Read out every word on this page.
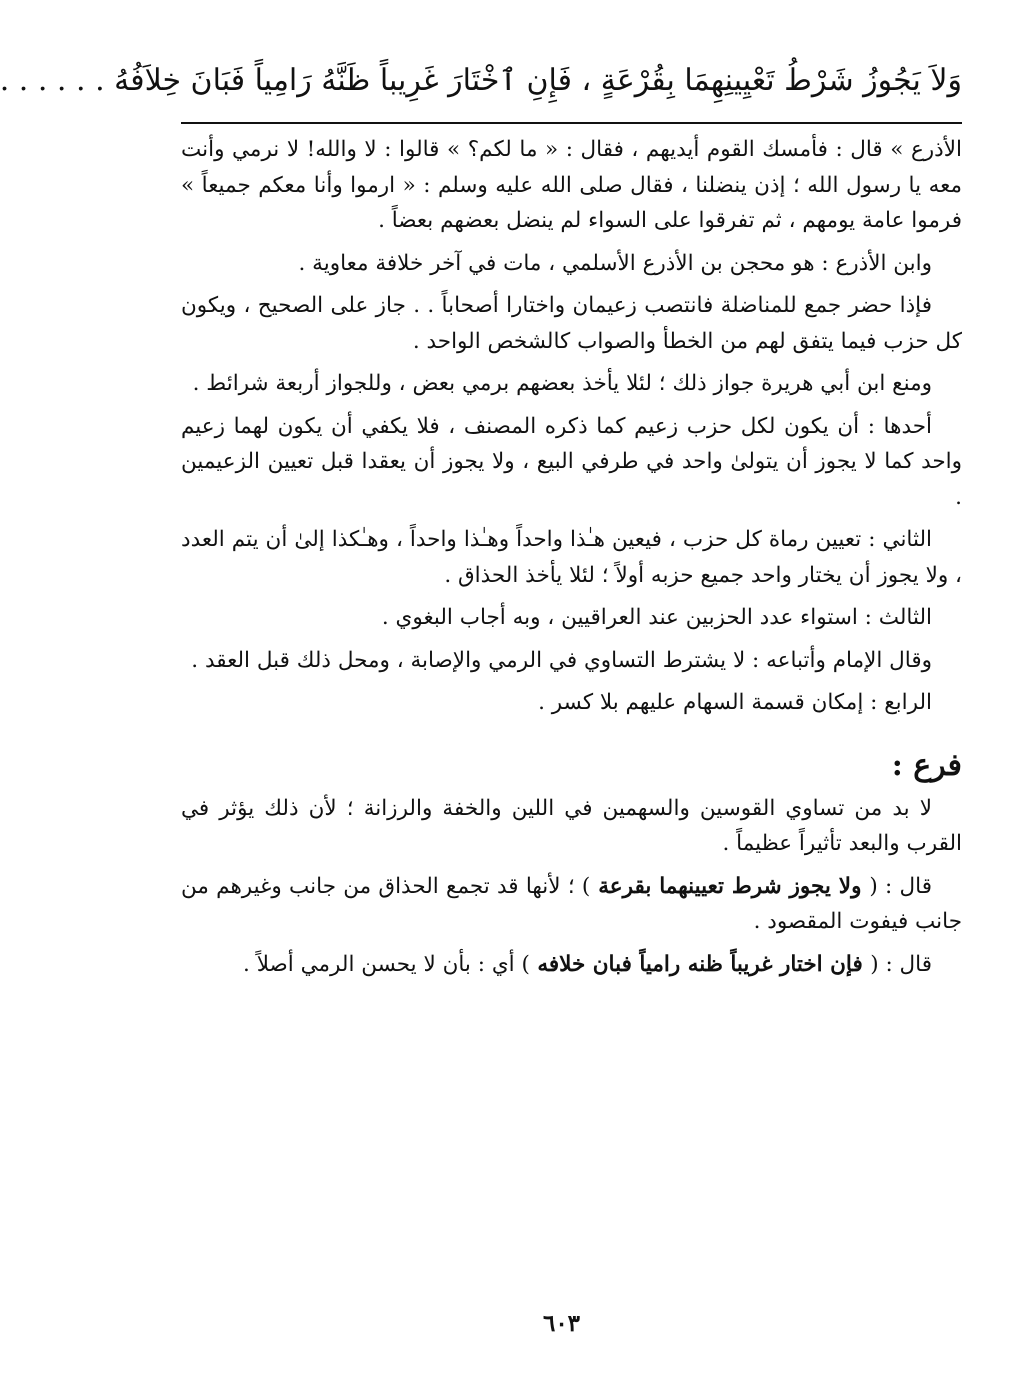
وَلاَ يَجُوزُ شَرْطُ تَعْيِينِهِمَا بِقُرْعَةٍ ، فَإِنِ ٱخْتَارَ غَرِيباً ظَنَّهُ رَامِياً فَبَانَ خِلاَفُهُ . . . . . .

الأذرع » قال : فأمسك القوم أيديهم ، فقال : « ما لكم؟ » قالوا : لا والله! لا نرمي وأنت معه يا رسول الله ؛ إذن ينضلنا ، فقال صلى الله عليه وسلم : « ارموا وأنا معكم جميعاً » فرموا عامة يومهم ، ثم تفرقوا على السواء لم ينضل بعضهم بعضاً .

وابن الأذرع : هو محجن بن الأذرع الأسلمي ، مات في آخر خلافة معاوية .

فإذا حضر جمع للمناضلة فانتصب زعيمان واختارا أصحاباً . . جاز على الصحيح ، ويكون كل حزب فيما يتفق لهم من الخطأ والصواب كالشخص الواحد .

ومنع ابن أبي هريرة جواز ذلك ؛ لئلا يأخذ بعضهم برمي بعض ، وللجواز أربعة شرائط .

أحدها : أن يكون لكل حزب زعيم كما ذكره المصنف ، فلا يكفي أن يكون لهما زعيم واحد كما لا يجوز أن يتولىٰ واحد في طرفي البيع ، ولا يجوز أن يعقدا قبل تعيين الزعيمين .

الثاني : تعيين رماة كل حزب ، فيعين هـٰذا واحداً وهـٰذا واحداً ، وهـٰكذا إلىٰ أن يتم العدد ، ولا يجوز أن يختار واحد جميع حزبه أولاً ؛ لئلا يأخذ الحذاق .

الثالث : استواء عدد الحزبين عند العراقيين ، وبه أجاب البغوي .

وقال الإمام وأتباعه : لا يشترط التساوي في الرمي والإصابة ، ومحل ذلك قبل العقد .

الرابع : إمكان قسمة السهام عليهم بلا كسر .

فرع :

لا بد من تساوي القوسين والسهمين في اللين والخفة والرزانة ؛ لأن ذلك يؤثر في القرب والبعد تأثيراً عظيماً .

قال : ( ولا يجوز شرط تعيينهما بقرعة ) ؛ لأنها قد تجمع الحذاق من جانب وغيرهم من جانب فيفوت المقصود .

قال : ( فإن اختار غريباً ظنه رامياً فبان خلافه ) أي : بأن لا يحسن الرمي أصلاً .

٦٠٣
